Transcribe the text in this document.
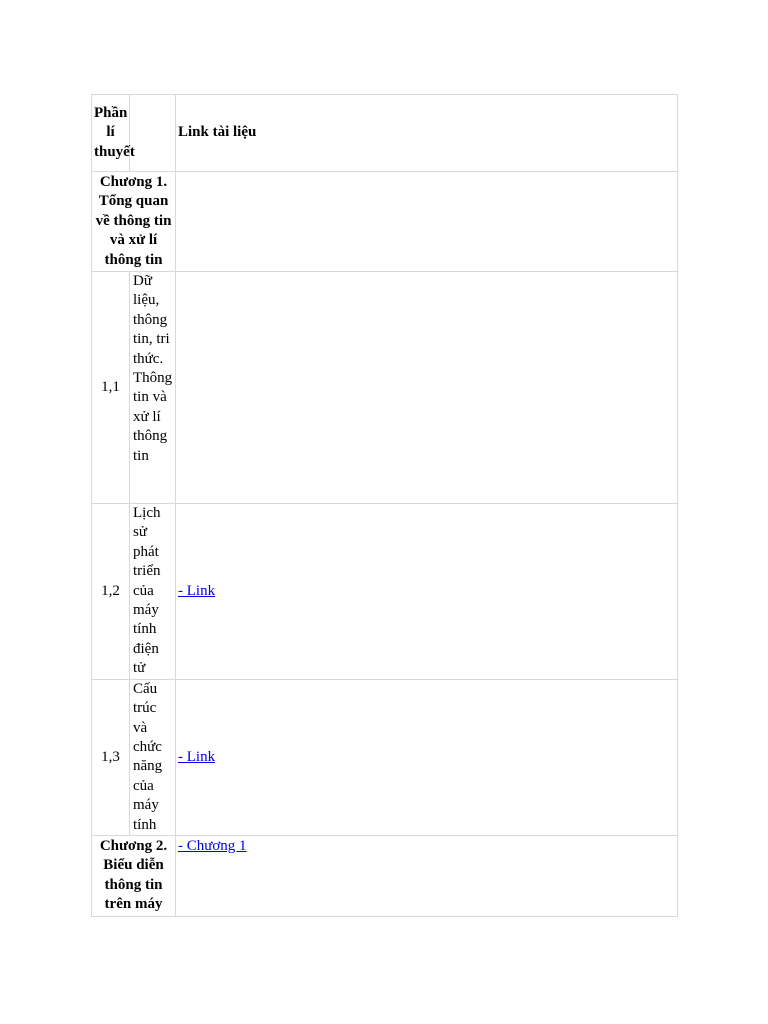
Phần lí thuyết		Link tài liệu
Chương 1. Tổng quan về thông tin và xử lí thông tin		
1,1	Dữ liệu, thông tin, tri thức. Thông tin và xử lí thông tin	
1,2	Lịch sử phát triển của máy tính điện tử	- Link
1,3	Cấu trúc và chức năng của máy tính	- Link
Chương 2. Biểu diễn thông tin trên máy		- Chương 1
